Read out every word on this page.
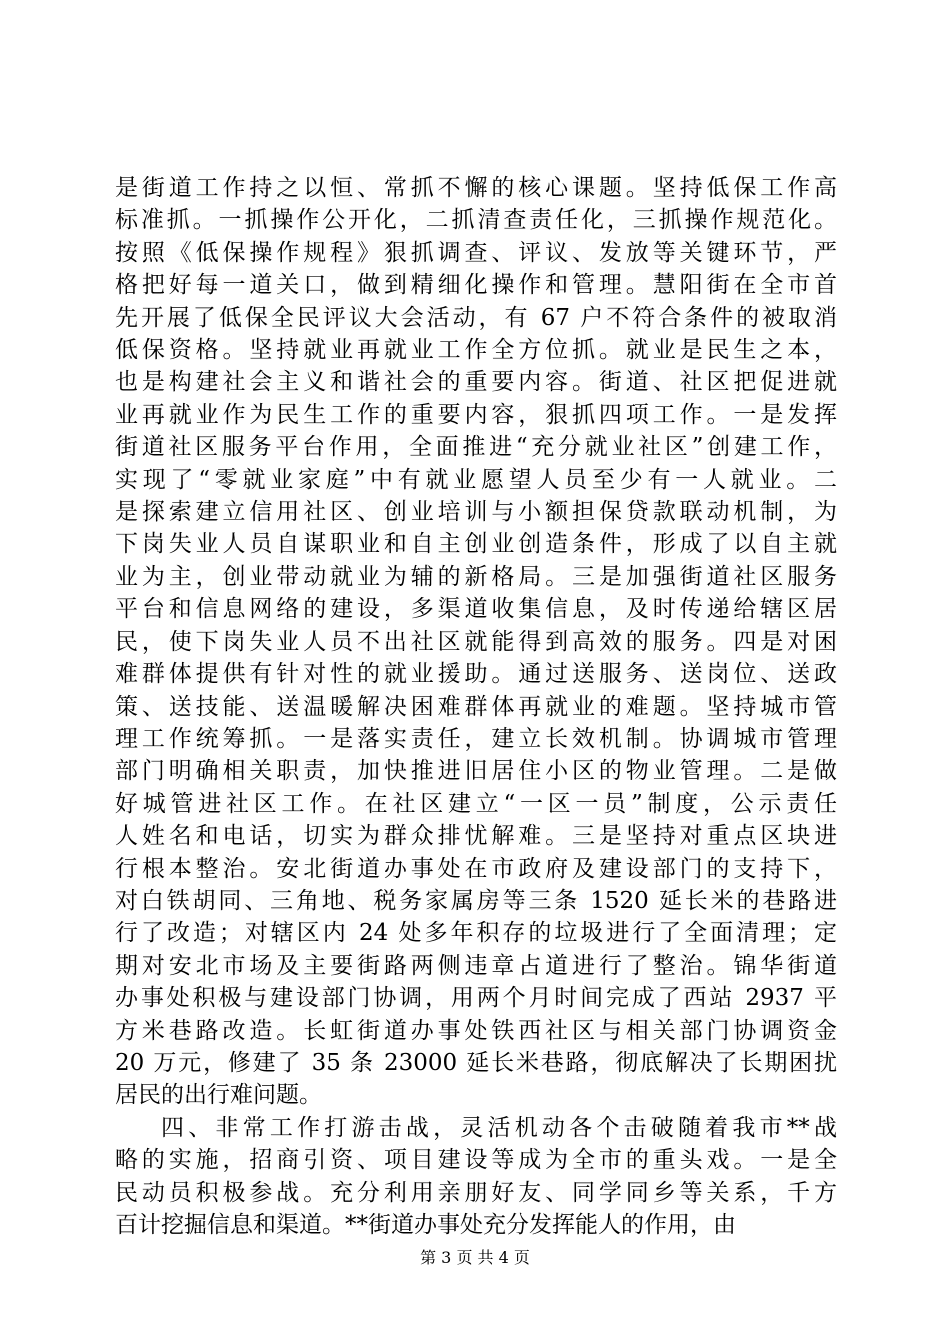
是街道工作持之以恒、常抓不懈的核心课题。坚持低保工作高

标准抓。一抓操作公开化，二抓清查责任化，三抓操作规范化。

按照《低保操作规程》狠抓调查、评议、发放等关键环节，严

格把好每一道关口，做到精细化操作和管理。慧阳街在全市首

先开展了低保全民评议大会活动，有 67 户不符合条件的被取消

低保资格。坚持就业再就业工作全方位抓。就业是民生之本，

也是构建社会主义和谐社会的重要内容。街道、社区把促进就

业再就业作为民生工作的重要内容，狠抓四项工作。一是发挥

街道社区服务平台作用，全面推进“充分就业社区”创建工作，

实现了“零就业家庭”中有就业愿望人员至少有一人就业。二

是探索建立信用社区、创业培训与小额担保贷款联动机制，为

下岗失业人员自谋职业和自主创业创造条件，形成了以自主就

业为主，创业带动就业为辅的新格局。三是加强街道社区服务

平台和信息网络的建设，多渠道收集信息，及时传递给辖区居

民，使下岗失业人员不出社区就能得到高效的服务。四是对困

难群体提供有针对性的就业援助。通过送服务、送岗位、送政

策、送技能、送温暖解决困难群体再就业的难题。坚持城市管

理工作统筹抓。一是落实责任，建立长效机制。协调城市管理

部门明确相关职责，加快推进旧居住小区的物业管理。二是做

好城管进社区工作。在社区建立“一区一员”制度，公示责任

人姓名和电话，切实为群众排忧解难。三是坚持对重点区块进

行根本整治。安北街道办事处在市政府及建设部门的支持下，

对白铁胡同、三角地、税务家属房等三条 1520 延长米的巷路进

行了改造；对辖区内 24 处多年积存的垃圾进行了全面清理；定

期对安北市场及主要街路两侧违章占道进行了整治。锦华街道

办事处积极与建设部门协调，用两个月时间完成了西站 2937 平

方米巷路改造。长虹街道办事处铁西社区与相关部门协调资金

20 万元，修建了 35 条 23000 延长米巷路，彻底解决了长期困扰

居民的出行难问题。

四、非常工作打游击战，灵活机动各个击破随着我市**战

略的实施，招商引资、项目建设等成为全市的重头戏。一是全

民动员积极参战。充分利用亲朋好友、同学同乡等关系，千方

百计挖掘信息和渠道。**街道办事处充分发挥能人的作用，由

第 3 页 共 4 页
